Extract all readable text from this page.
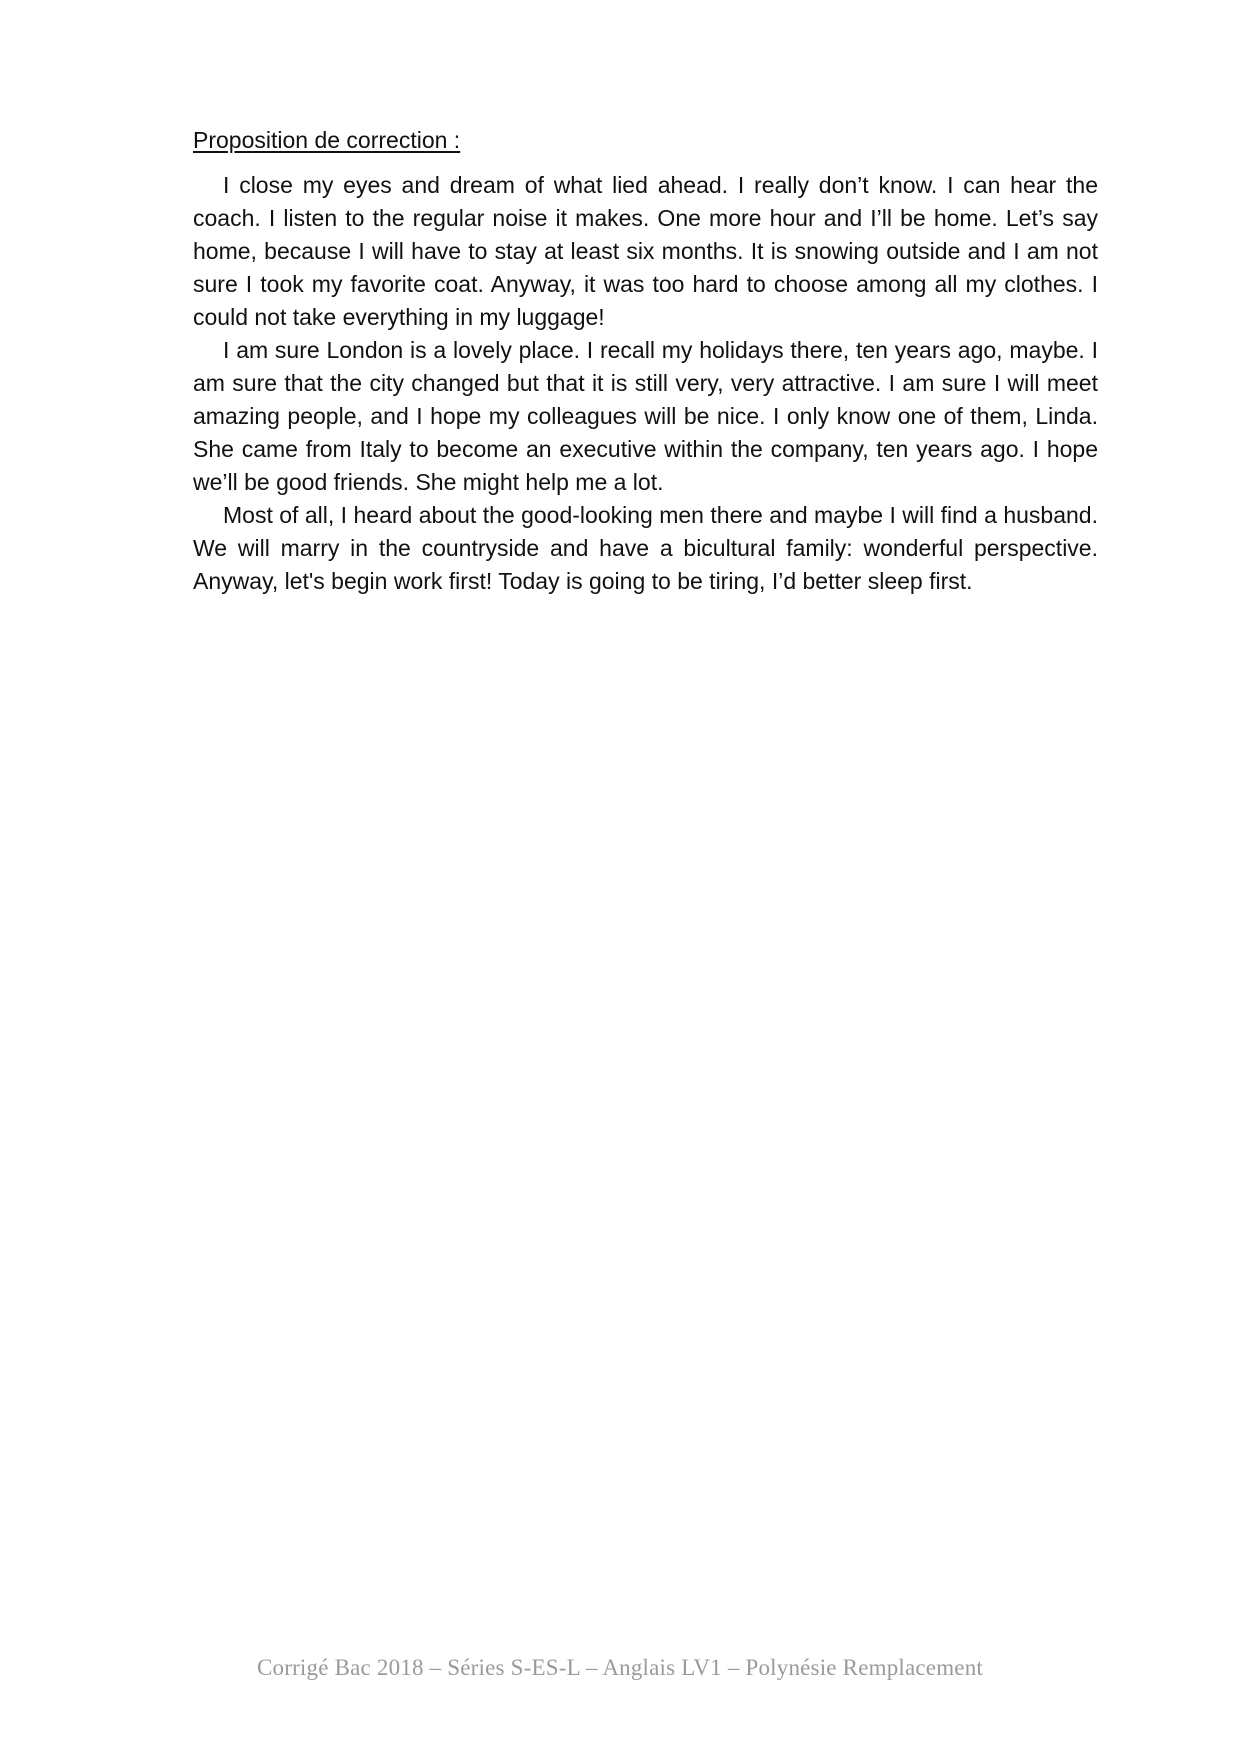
Proposition de correction :

I close my eyes and dream of what lied ahead. I really don’t know. I can hear the coach. I listen to the regular noise it makes. One more hour and I’ll be home. Let’s say home, because I will have to stay at least six months. It is snowing outside and I am not sure I took my favorite coat. Anyway, it was too hard to choose among all my clothes. I could not take everything in my luggage!

I am sure London is a lovely place. I recall my holidays there, ten years ago, maybe. I am sure that the city changed but that it is still very, very attractive. I am sure I will meet amazing people, and I hope my colleagues will be nice. I only know one of them, Linda. She came from Italy to become an executive within the company, ten years ago. I hope we’ll be good friends. She might help me a lot.

Most of all, I heard about the good-looking men there and maybe I will find a husband. We will marry in the countryside and have a bicultural family: wonderful perspective. Anyway, let's begin work first! Today is going to be tiring, I’d better sleep first.

Corrigé Bac 2018 – Séries S-ES-L – Anglais LV1 – Polynésie Remplacement
